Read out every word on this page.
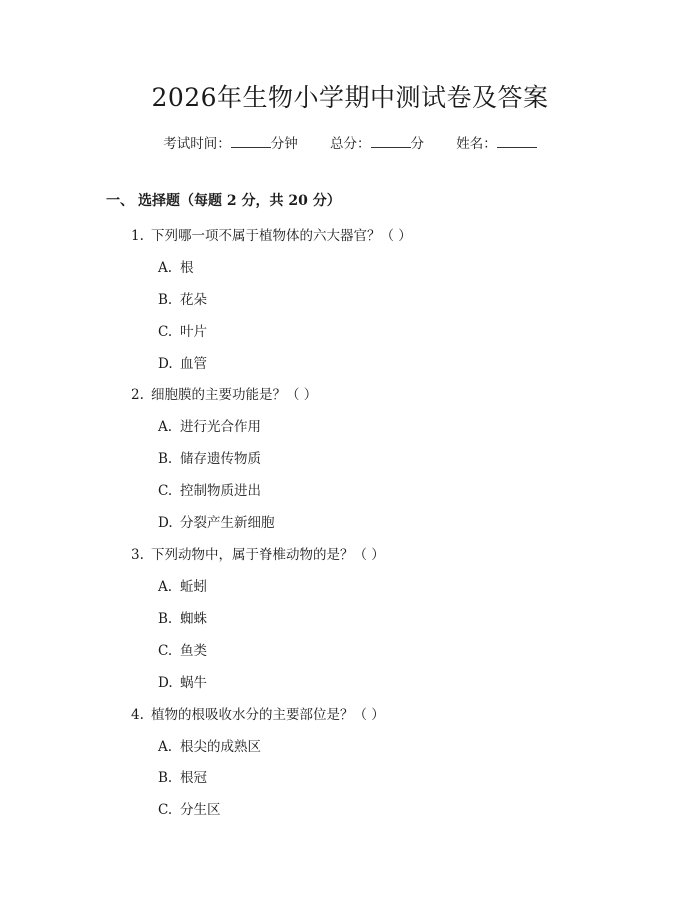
2026年生物小学期中测试卷及答案
考试时间：	分钟 总分：	分 姓名：
一、 选择题（每题 2 分，共 20 分）
1. 下列哪一项不属于植物体的六大器官？（ ）
A. 根
B. 花朵
C. 叶片
D. 血管
2. 细胞膜的主要功能是？（ ）
A. 进行光合作用
B. 储存遗传物质
C. 控制物质进出
D. 分裂产生新细胞
3. 下列动物中，属于脊椎动物的是？（ ）
A. 蚯蚓
B. 蜘蛛
C. 鱼类
D. 蜗牛
4. 植物的根吸收水分的主要部位是？（ ）
A. 根尖的成熟区
B. 根冠
C. 分生区
